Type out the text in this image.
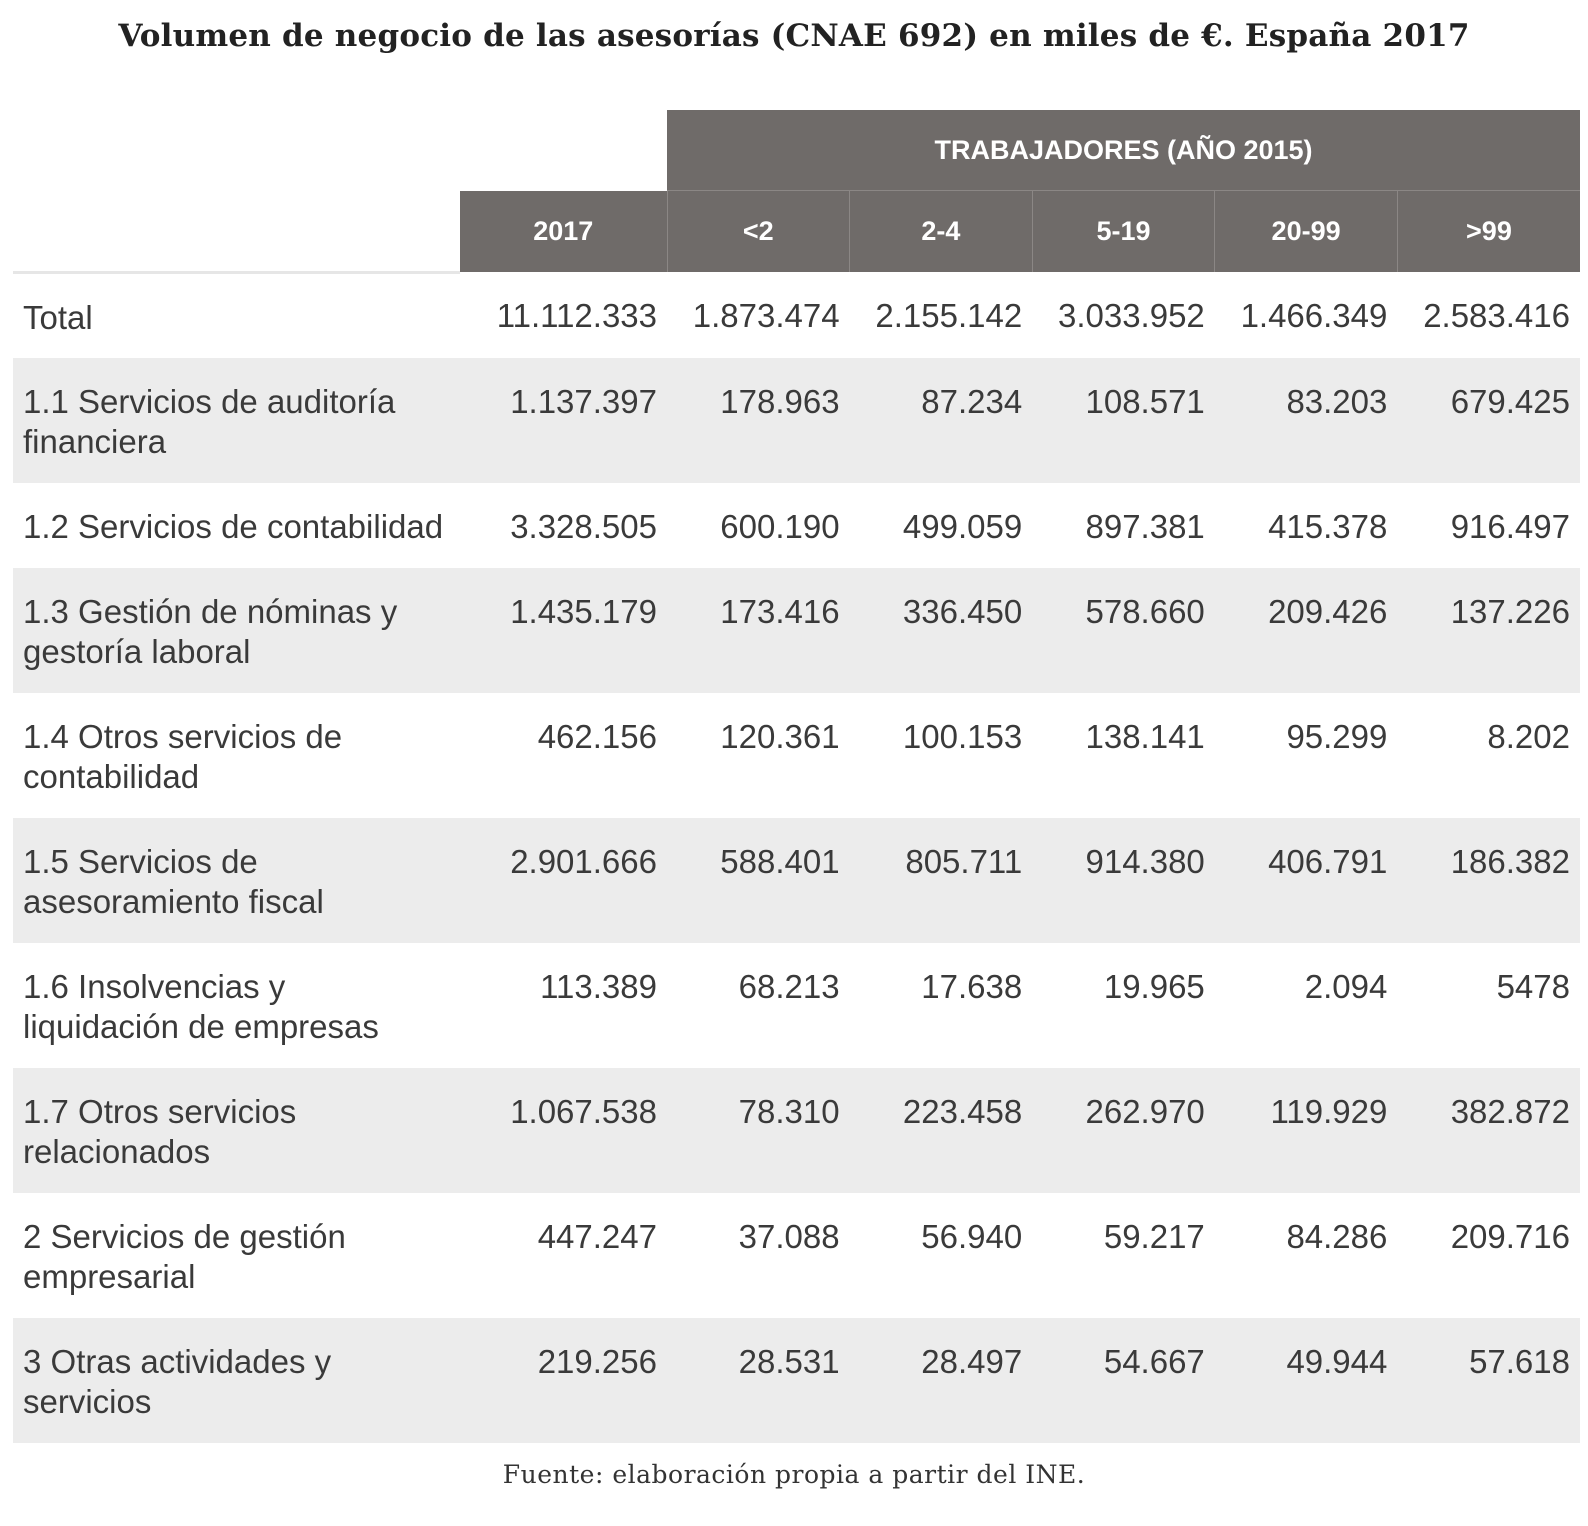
Volumen de negocio de las asesorías (CNAE 692) en miles de €. España 2017
		TRABAJADORES (AÑO 2015)				
	2017	<2	2-4	5-19	20-99	>99
Total	11.112.333	1.873.474	2.155.142	3.033.952	1.466.349	2.583.416
1.1 Servicios de auditoría financiera	1.137.397	178.963	87.234	108.571	83.203	679.425
1.2 Servicios de contabilidad	3.328.505	600.190	499.059	897.381	415.378	916.497
1.3 Gestión de nóminas y gestoría laboral	1.435.179	173.416	336.450	578.660	209.426	137.226
1.4 Otros servicios de contabilidad	462.156	120.361	100.153	138.141	95.299	8.202
1.5 Servicios de asesoramiento fiscal	2.901.666	588.401	805.711	914.380	406.791	186.382
1.6 Insolvencias y liquidación de empresas	113.389	68.213	17.638	19.965	2.094	5478
1.7 Otros servicios relacionados	1.067.538	78.310	223.458	262.970	119.929	382.872
2 Servicios de gestión empresarial	447.247	37.088	56.940	59.217	84.286	209.716
3 Otras actividades y servicios	219.256	28.531	28.497	54.667	49.944	57.618
Fuente: elaboración propia a partir del INE.
